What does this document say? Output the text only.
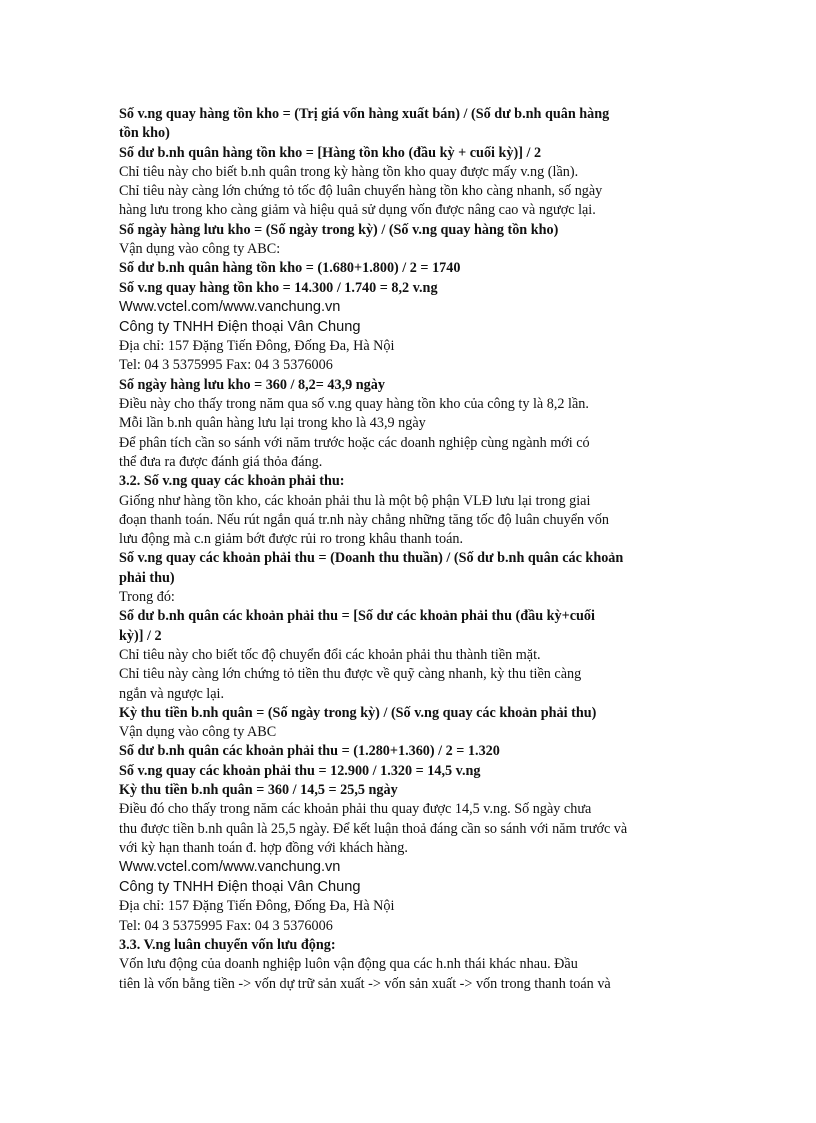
Số v.ng quay hàng tồn kho = (Trị giá vốn hàng xuất bán) / (Số dư b.nh quân hàng
tồn kho)
Số dư b.nh quân hàng tồn kho = [Hàng tồn kho (đầu kỳ + cuối kỳ)] / 2
Chỉ tiêu này cho biết b.nh quân trong kỳ hàng tồn kho quay được mấy v.ng (lần).
Chỉ tiêu này càng lớn chứng tỏ tốc độ luân chuyển hàng tồn kho càng nhanh, số ngày
hàng lưu trong kho càng giảm và hiệu quả sử dụng vốn được nâng cao và ngược lại.
Số ngày hàng lưu kho = (Số ngày trong kỳ) / (Số v.ng quay hàng tồn kho)
Vận dụng vào công ty ABC:
Số dư b.nh quân hàng tồn kho = (1.680+1.800) / 2 = 1740
Số v.ng quay hàng tồn kho = 14.300 / 1.740 = 8,2 v.ng
Www.vctel.com/www.vanchung.vn
Công ty TNHH Điện thoại Vân Chung
Địa chỉ: 157 Đặng Tiến Đông, Đống Đa, Hà Nội
Tel: 04 3 5375995 Fax: 04 3 5376006
Số ngày hàng lưu kho = 360 / 8,2= 43,9 ngày
Điều này cho thấy trong năm qua số v.ng quay hàng tồn kho của công ty là 8,2 lần.
Mỗi lần b.nh quân hàng lưu lại trong kho là 43,9 ngày
Để phân tích cần so sánh với năm trước hoặc các doanh nghiệp cùng ngành mới có
thể đưa ra được đánh giá thỏa đáng.
3.2. Số v.ng quay các khoản phải thu:
Giống như hàng tồn kho, các khoản phải thu là một bộ phận VLĐ lưu lại trong giai
đoạn thanh toán. Nếu rút ngắn quá tr.nh này chẳng những tăng tốc độ luân chuyển vốn
lưu động mà c.n giảm bớt được rủi ro trong khâu thanh toán.
Số v.ng quay các khoản phải thu = (Doanh thu thuần) / (Số dư b.nh quân các khoản
phải thu)
Trong đó:
Số dư b.nh quân các khoản phải thu = [Số dư các khoản phải thu (đầu kỳ+cuối
kỳ)] / 2
Chỉ tiêu này cho biết tốc độ chuyển đổi các khoản phải thu thành tiền mặt.
Chỉ tiêu này càng lớn chứng tỏ tiền thu được về quỹ càng nhanh, kỳ thu tiền càng
ngắn và ngược lại.
Kỳ thu tiền b.nh quân = (Số ngày trong kỳ) / (Số v.ng quay các khoản phải thu)
Vận dụng vào công ty ABC
Số dư b.nh quân các khoản phải thu = (1.280+1.360) / 2 = 1.320
Số v.ng quay các khoản phải thu = 12.900 / 1.320 = 14,5 v.ng
Kỳ thu tiền b.nh quân = 360 / 14,5 = 25,5 ngày
Điều đó cho thấy trong năm các khoản phải thu quay được 14,5 v.ng. Số ngày chưa
thu được tiền b.nh quân là 25,5 ngày. Để kết luận thoả đáng cần so sánh với năm trước và
với kỳ hạn thanh toán đ. hợp đồng với khách hàng.
Www.vctel.com/www.vanchung.vn
Công ty TNHH Điện thoại Vân Chung
Địa chỉ: 157 Đặng Tiến Đông, Đống Đa, Hà Nội
Tel: 04 3 5375995 Fax: 04 3 5376006
3.3. V.ng luân chuyển vốn lưu động:
Vốn lưu động của doanh nghiệp luôn vận động qua các h.nh thái khác nhau. Đầu
tiên là vốn bằng tiền -> vốn dự trữ sản xuất -> vốn sản xuất -> vốn trong thanh toán và
